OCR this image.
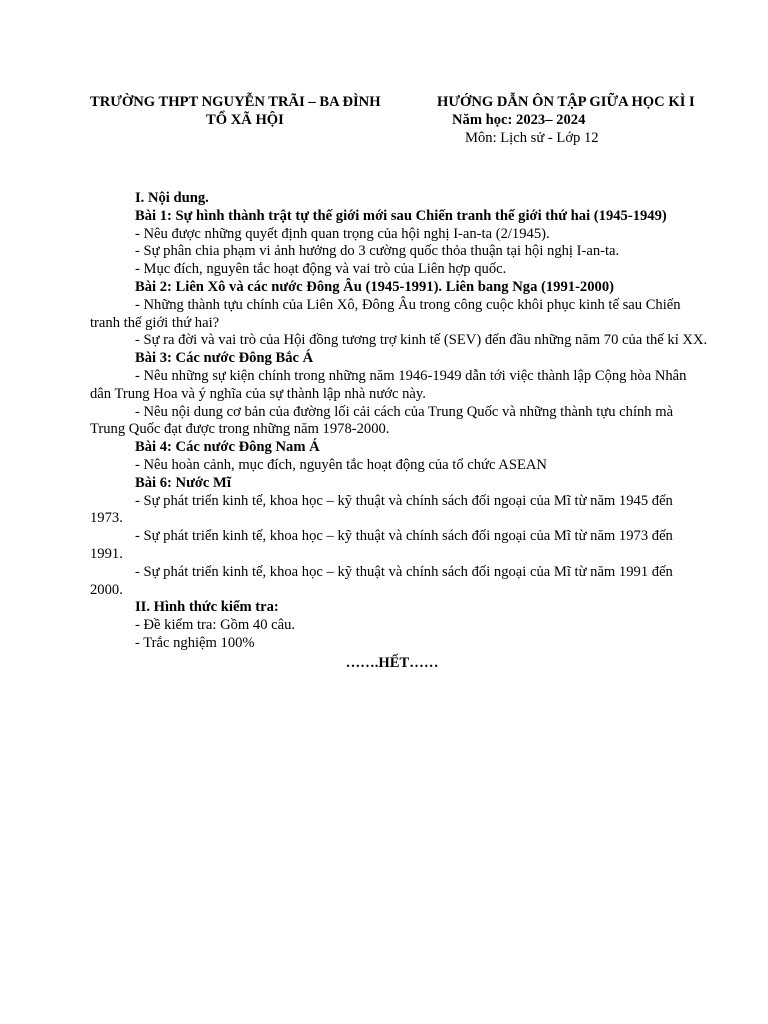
TRƯỜNG THPT NGUYỄN TRÃI – BA ĐÌNH
TỔ XÃ HỘI
HƯỚNG DẪN ÔN TẬP GIỮA HỌC KÌ I
Năm học: 2023– 2024
Môn: Lịch sử - Lớp 12
I. Nội dung.
Bài 1: Sự hình thành trật tự thế giới mới sau Chiến tranh thế giới thứ hai (1945-1949)
- Nêu được những quyết định quan trọng của hội nghị I-an-ta (2/1945).
- Sự phân chia phạm vi ảnh hưởng do 3 cường quốc thỏa thuận tại hội nghị I-an-ta.
- Mục đích, nguyên tắc hoạt động và vai trò của Liên hợp quốc.
Bài 2: Liên Xô và các nước Đông Âu (1945-1991). Liên bang Nga (1991-2000)
- Những thành tựu chính của Liên Xô, Đông Âu trong công cuộc khôi phục kinh tế sau Chiến tranh thế giới thứ hai?
- Sự ra đời và vai trò của Hội đồng tương trợ kinh tế (SEV) đến đầu những năm 70 của thế kỉ XX.
Bài 3: Các nước Đông Bắc Á
- Nêu những sự kiện chính trong những năm 1946-1949 dẫn tới việc thành lập Cộng hòa Nhân dân Trung Hoa và ý nghĩa của sự thành lập nhà nước này.
- Nêu nội dung cơ bản của đường lối cải cách của Trung Quốc và những thành tựu chính mà Trung Quốc đạt được trong những năm 1978-2000.
Bài 4: Các nước Đông Nam Á
- Nêu hoàn cảnh, mục đích, nguyên tắc hoạt động của tổ chức ASEAN
Bài 6: Nước Mĩ
- Sự phát triển kinh tế, khoa học – kỹ thuật và chính sách đối ngoại của Mĩ từ năm 1945 đến 1973.
- Sự phát triển kinh tế, khoa học – kỹ thuật và chính sách đối ngoại của Mĩ từ năm 1973 đến 1991.
- Sự phát triển kinh tế, khoa học – kỹ thuật và chính sách đối ngoại của Mĩ từ năm 1991 đến 2000.
II. Hình thức kiểm tra:
- Đề kiểm tra: Gồm 40 câu.
- Trắc nghiệm 100%
…….HẾT……
